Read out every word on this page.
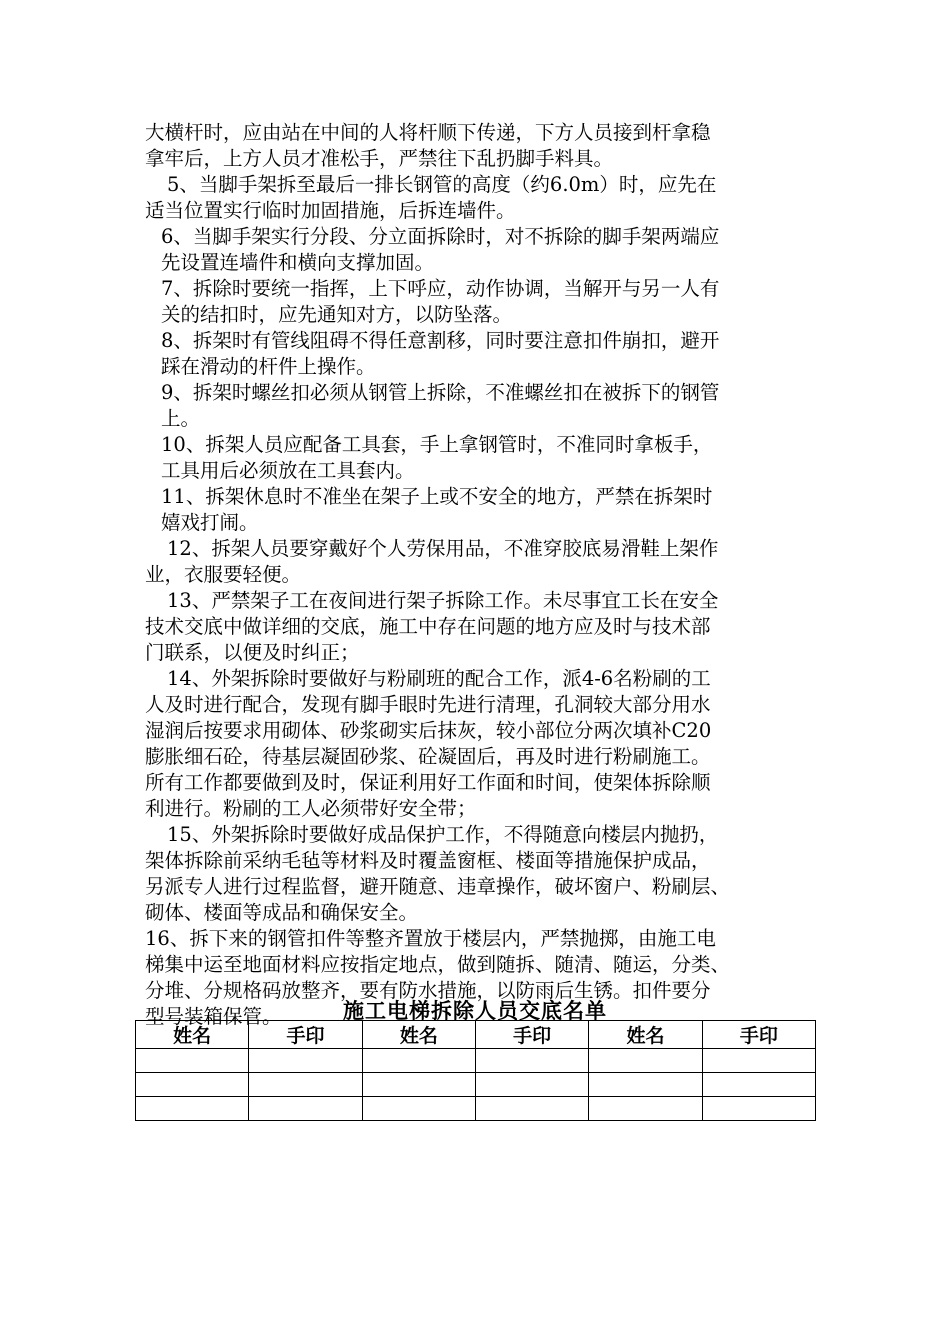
大横杆时，应由站在中间的人将杆顺下传递，下方人员接到杆拿稳
拿牢后，上方人员才准松手，严禁往下乱扔脚手料具。
5、当脚手架拆至最后一排长钢管的高度（约6.0m）时，应先在
适当位置实行临时加固措施，后拆连墙件。
6、当脚手架实行分段、分立面拆除时，对不拆除的脚手架两端应
先设置连墙件和横向支撑加固。
7、拆除时要统一指挥，上下呼应，动作协调，当解开与另一人有
关的结扣时，应先通知对方，以防坠落。
8、拆架时有管线阻碍不得任意割移，同时要注意扣件崩扣，避开
踩在滑动的杆件上操作。
9、拆架时螺丝扣必须从钢管上拆除，不准螺丝扣在被拆下的钢管
上。
10、拆架人员应配备工具套，手上拿钢管时，不准同时拿板手，
工具用后必须放在工具套内。
11、拆架休息时不准坐在架子上或不安全的地方，严禁在拆架时
嬉戏打闹。
12、拆架人员要穿戴好个人劳保用品，不准穿胶底易滑鞋上架作
业，衣服要轻便。
13、严禁架子工在夜间进行架子拆除工作。未尽事宜工长在安全
技术交底中做详细的交底，施工中存在问题的地方应及时与技术部
门联系，以便及时纠正；
14、外架拆除时要做好与粉刷班的配合工作，派4-6名粉刷的工
人及时进行配合，发现有脚手眼时先进行清理，孔洞较大部分用水
湿润后按要求用砌体、砂浆砌实后抹灰，较小部位分两次填补C20
膨胀细石砼，待基层凝固砂浆、砼凝固后，再及时进行粉刷施工。
所有工作都要做到及时，保证利用好工作面和时间，使架体拆除顺
利进行。粉刷的工人必须带好安全带；
15、外架拆除时要做好成品保护工作，不得随意向楼层内抛扔，
架体拆除前采纳毛毡等材料及时覆盖窗框、楼面等措施保护成品，
另派专人进行过程监督，避开随意、违章操作，破坏窗户、粉刷层、
砌体、楼面等成品和确保安全。
16、拆下来的钢管扣件等整齐置放于楼层内，严禁抛掷，由施工电
梯集中运至地面材料应按指定地点，做到随拆、随清、随运，分类、
分堆、分规格码放整齐，要有防水措施，以防雨后生锈。扣件要分
型号装箱保管。	施工电梯拆除人员交底名单
姓名	手印	姓名	手印	姓名	手印
